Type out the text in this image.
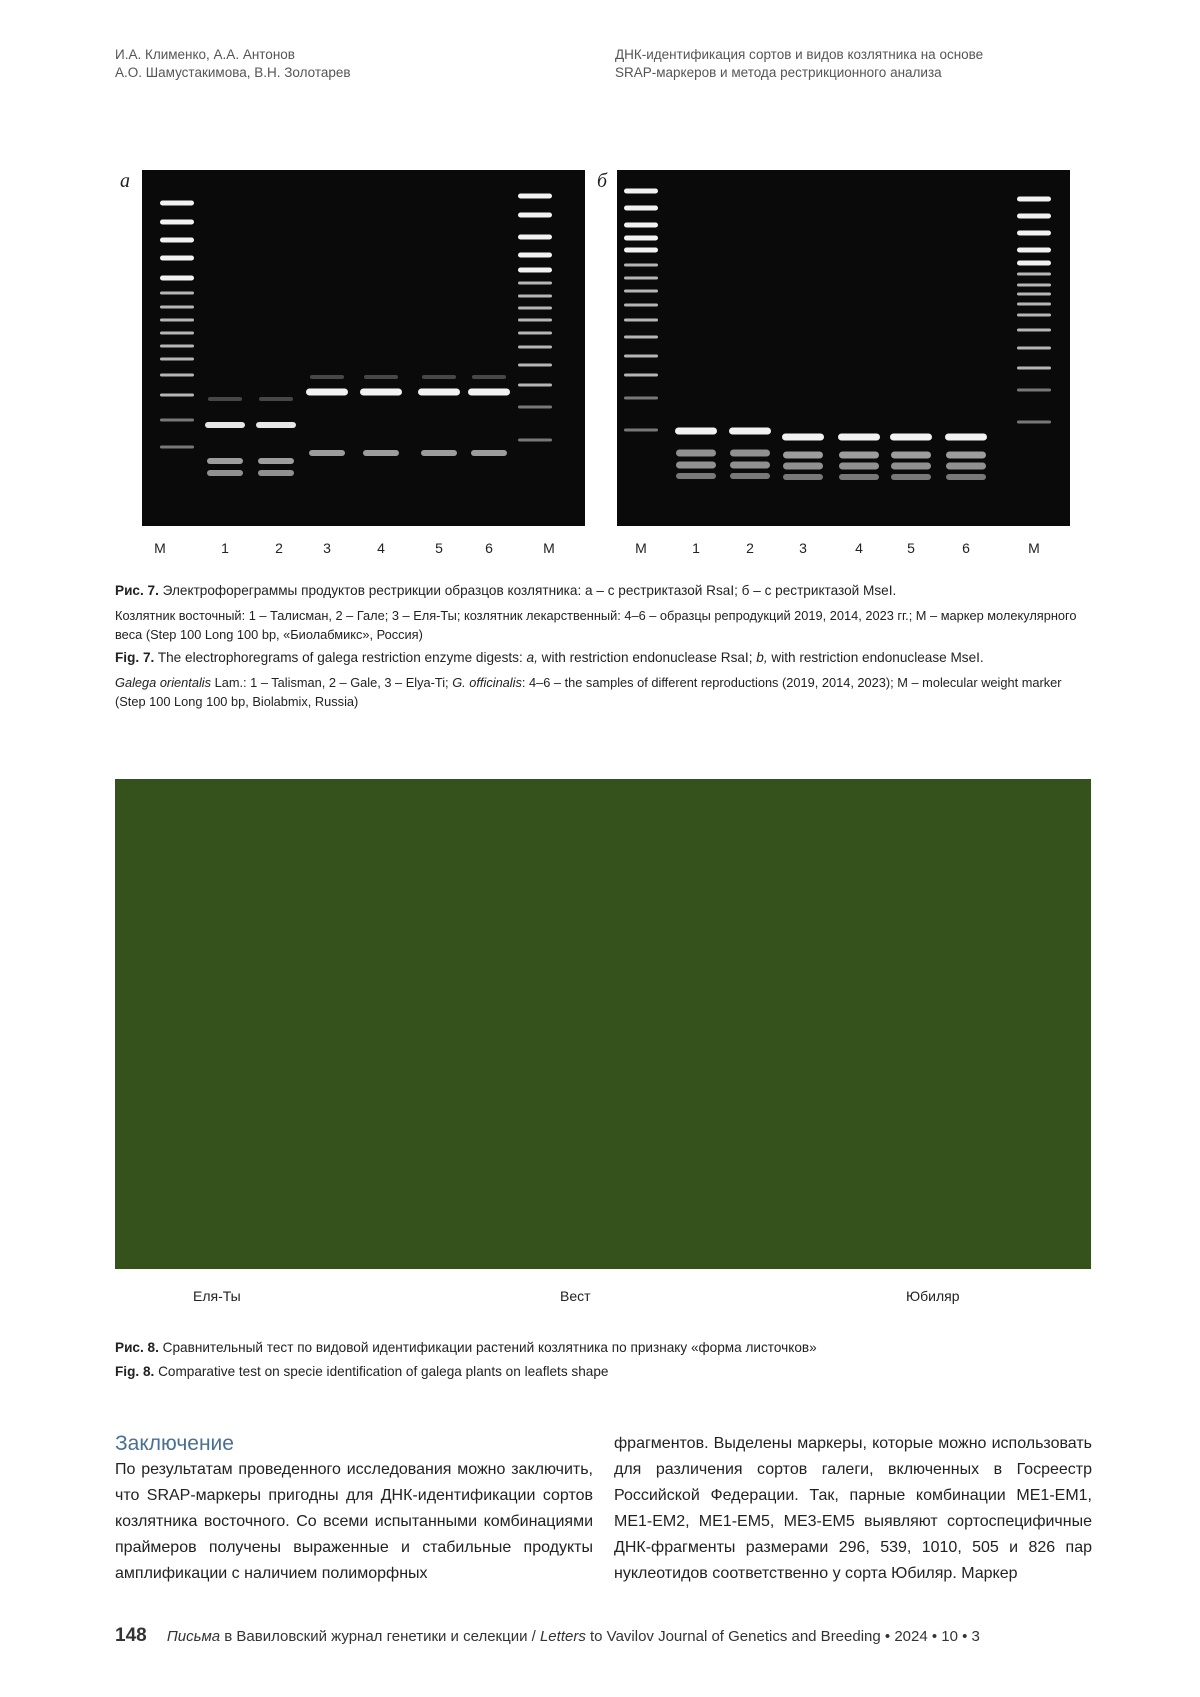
И.А. Клименко, А.А. Антонов
А.О. Шамустакимова, В.Н. Золотарев
ДНК-идентификация сортов и видов козлятника на основе
SRAP-маркеров и метода рестрикционного анализа
а	б
M	1	2	3	4	5	6	M	M	1	2	3	4	5	6	M
Рис. 7. Электрофореграммы продуктов рестрикции образцов козлятника: а – с рестриктазой RsaI; б – с рестриктазой MseI.
Козлятник восточный: 1 – Талисман, 2 – Гале; 3 – Еля-Ты; козлятник лекарственный: 4–6 – образцы репродукций 2019, 2014, 2023 гг.; М – маркер молекулярного веса (Step 100 Long 100 bp, «Биолабмикс», Россия)
Fig. 7. The electrophoregrams of galega restriction enzyme digests: a, with restriction endonuclease RsaI; b, with restriction endonuclease MseI.
Galega orientalis Lam.: 1 – Talisman, 2 – Gale, 3 – Elya-Ti; G. officinalis: 4–6 – the samples of different reproductions (2019, 2014, 2023); M – molecular weight marker (Step 100 Long 100 bp, Biolabmix, Russia)
Еля-Ты	Вест	Юбиляр
Рис. 8. Сравнительный тест по видовой идентификации растений козлятника по признаку «форма листочков»
Fig. 8. Comparative test on specie identification of galega plants on leaflets shape
Заключение
По результатам проведенного исследования можно заключить, что SRAP-маркеры пригодны для ДНК-идентификации сортов козлятника восточного. Со всеми испытанными комбинациями праймеров получены выраженные и стабильные продукты амплификации с наличием полиморфных
фрагментов. Выделены маркеры, которые можно использовать для различения сортов галеги, включенных в Госреестр Российской Федерации. Так, парные комбинации ME1-EM1, ME1-EM2, ME1-EM5, ME3-EM5 выявляют сортоспецифичные ДНК-фрагменты размерами 296, 539, 1010, 505 и 826 пар нуклеотидов соответственно у сорта Юбиляр. Маркер
148 Письма в Вавиловский журнал генетики и селекции / Letters to Vavilov Journal of Genetics and Breeding • 2024 • 10 • 3
